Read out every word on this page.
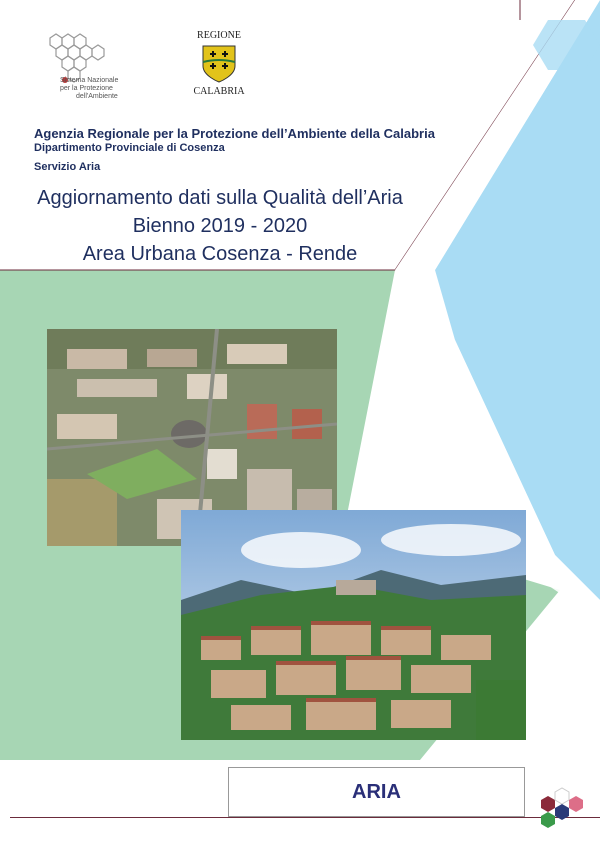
Sistema Nazionale
per la Protezione
dell'Ambiente
REGIONE
CALABRIA
Agenzia Regionale per la Protezione dell’Ambiente della Calabria
Dipartimento Provinciale di Cosenza
Servizio Aria
Aggiornamento dati sulla Qualità dell’Aria
Bienno 2019 - 2020
Area Urbana Cosenza - Rende
ARIA
